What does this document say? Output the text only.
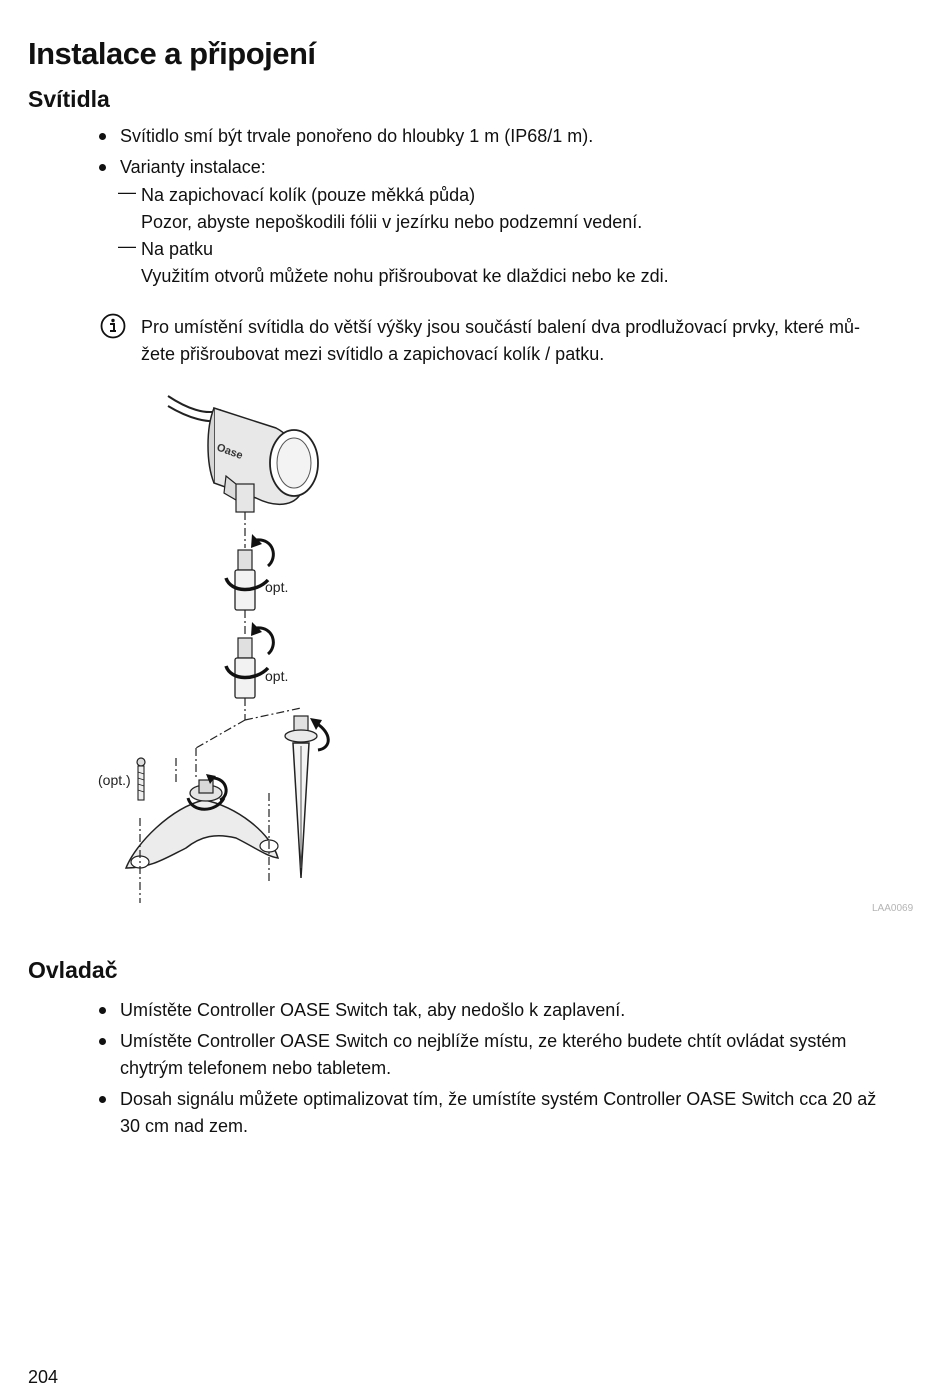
Instalace a připojení
Svítidla
Svítidlo smí být trvale ponořeno do hloubky 1 m (IP68/1 m).
Varianty instalace:
— Na zapichovací kolík (pouze měkká půda)
Pozor, abyste nepoškodili fólii v jezírku nebo podzemní vedení.
— Na patku
Využitím otvorů můžete nohu přišroubovat ke dlaždici nebo ke zdi.
Pro umístění svítidla do větší výšky jsou součástí balení dva prodlužovací prvky, které mů-
žete přišroubovat mezi svítidlo a zapichovací kolík / patku.
Oase
opt.
opt.
(opt.)
LAA0069
Ovladač
Umístěte Controller OASE Switch tak, aby nedošlo k zaplavení.
Umístěte Controller OASE Switch co nejblíže místu, ze kterého budete chtít ovládat systém
chytrým telefonem nebo tabletem.
Dosah signálu můžete optimalizovat tím, že umístíte systém Controller OASE Switch cca 20 až
30 cm nad zem.
204
